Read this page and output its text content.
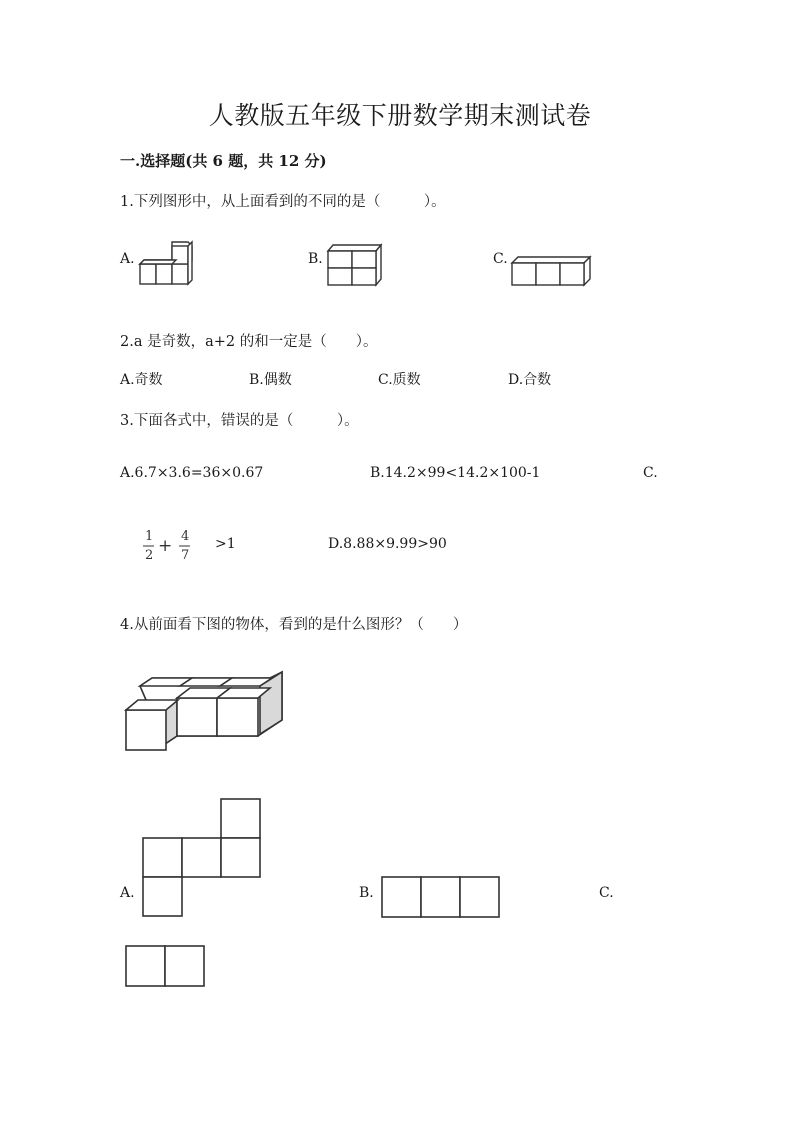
人教版五年级下册数学期末测试卷
一.选择题(共 6 题，共 12 分)
1.下列图形中，从上面看到的不同的是（　　　）。
A.	B.	C.
2.a 是奇数，a+2 的和一定是（　　）。
A.奇数	B.偶数	C.质数	D.合数
3.下面各式中，错误的是（　　　）。
A.6.7×3.6=36×0.67	B.14.2×99<14.2×100-1	C.
1
2 + 4
7
>1	D.8.88×9.99>90
4.从前面看下图的物体，看到的是什么图形？（　　）
A.	B.	C.
